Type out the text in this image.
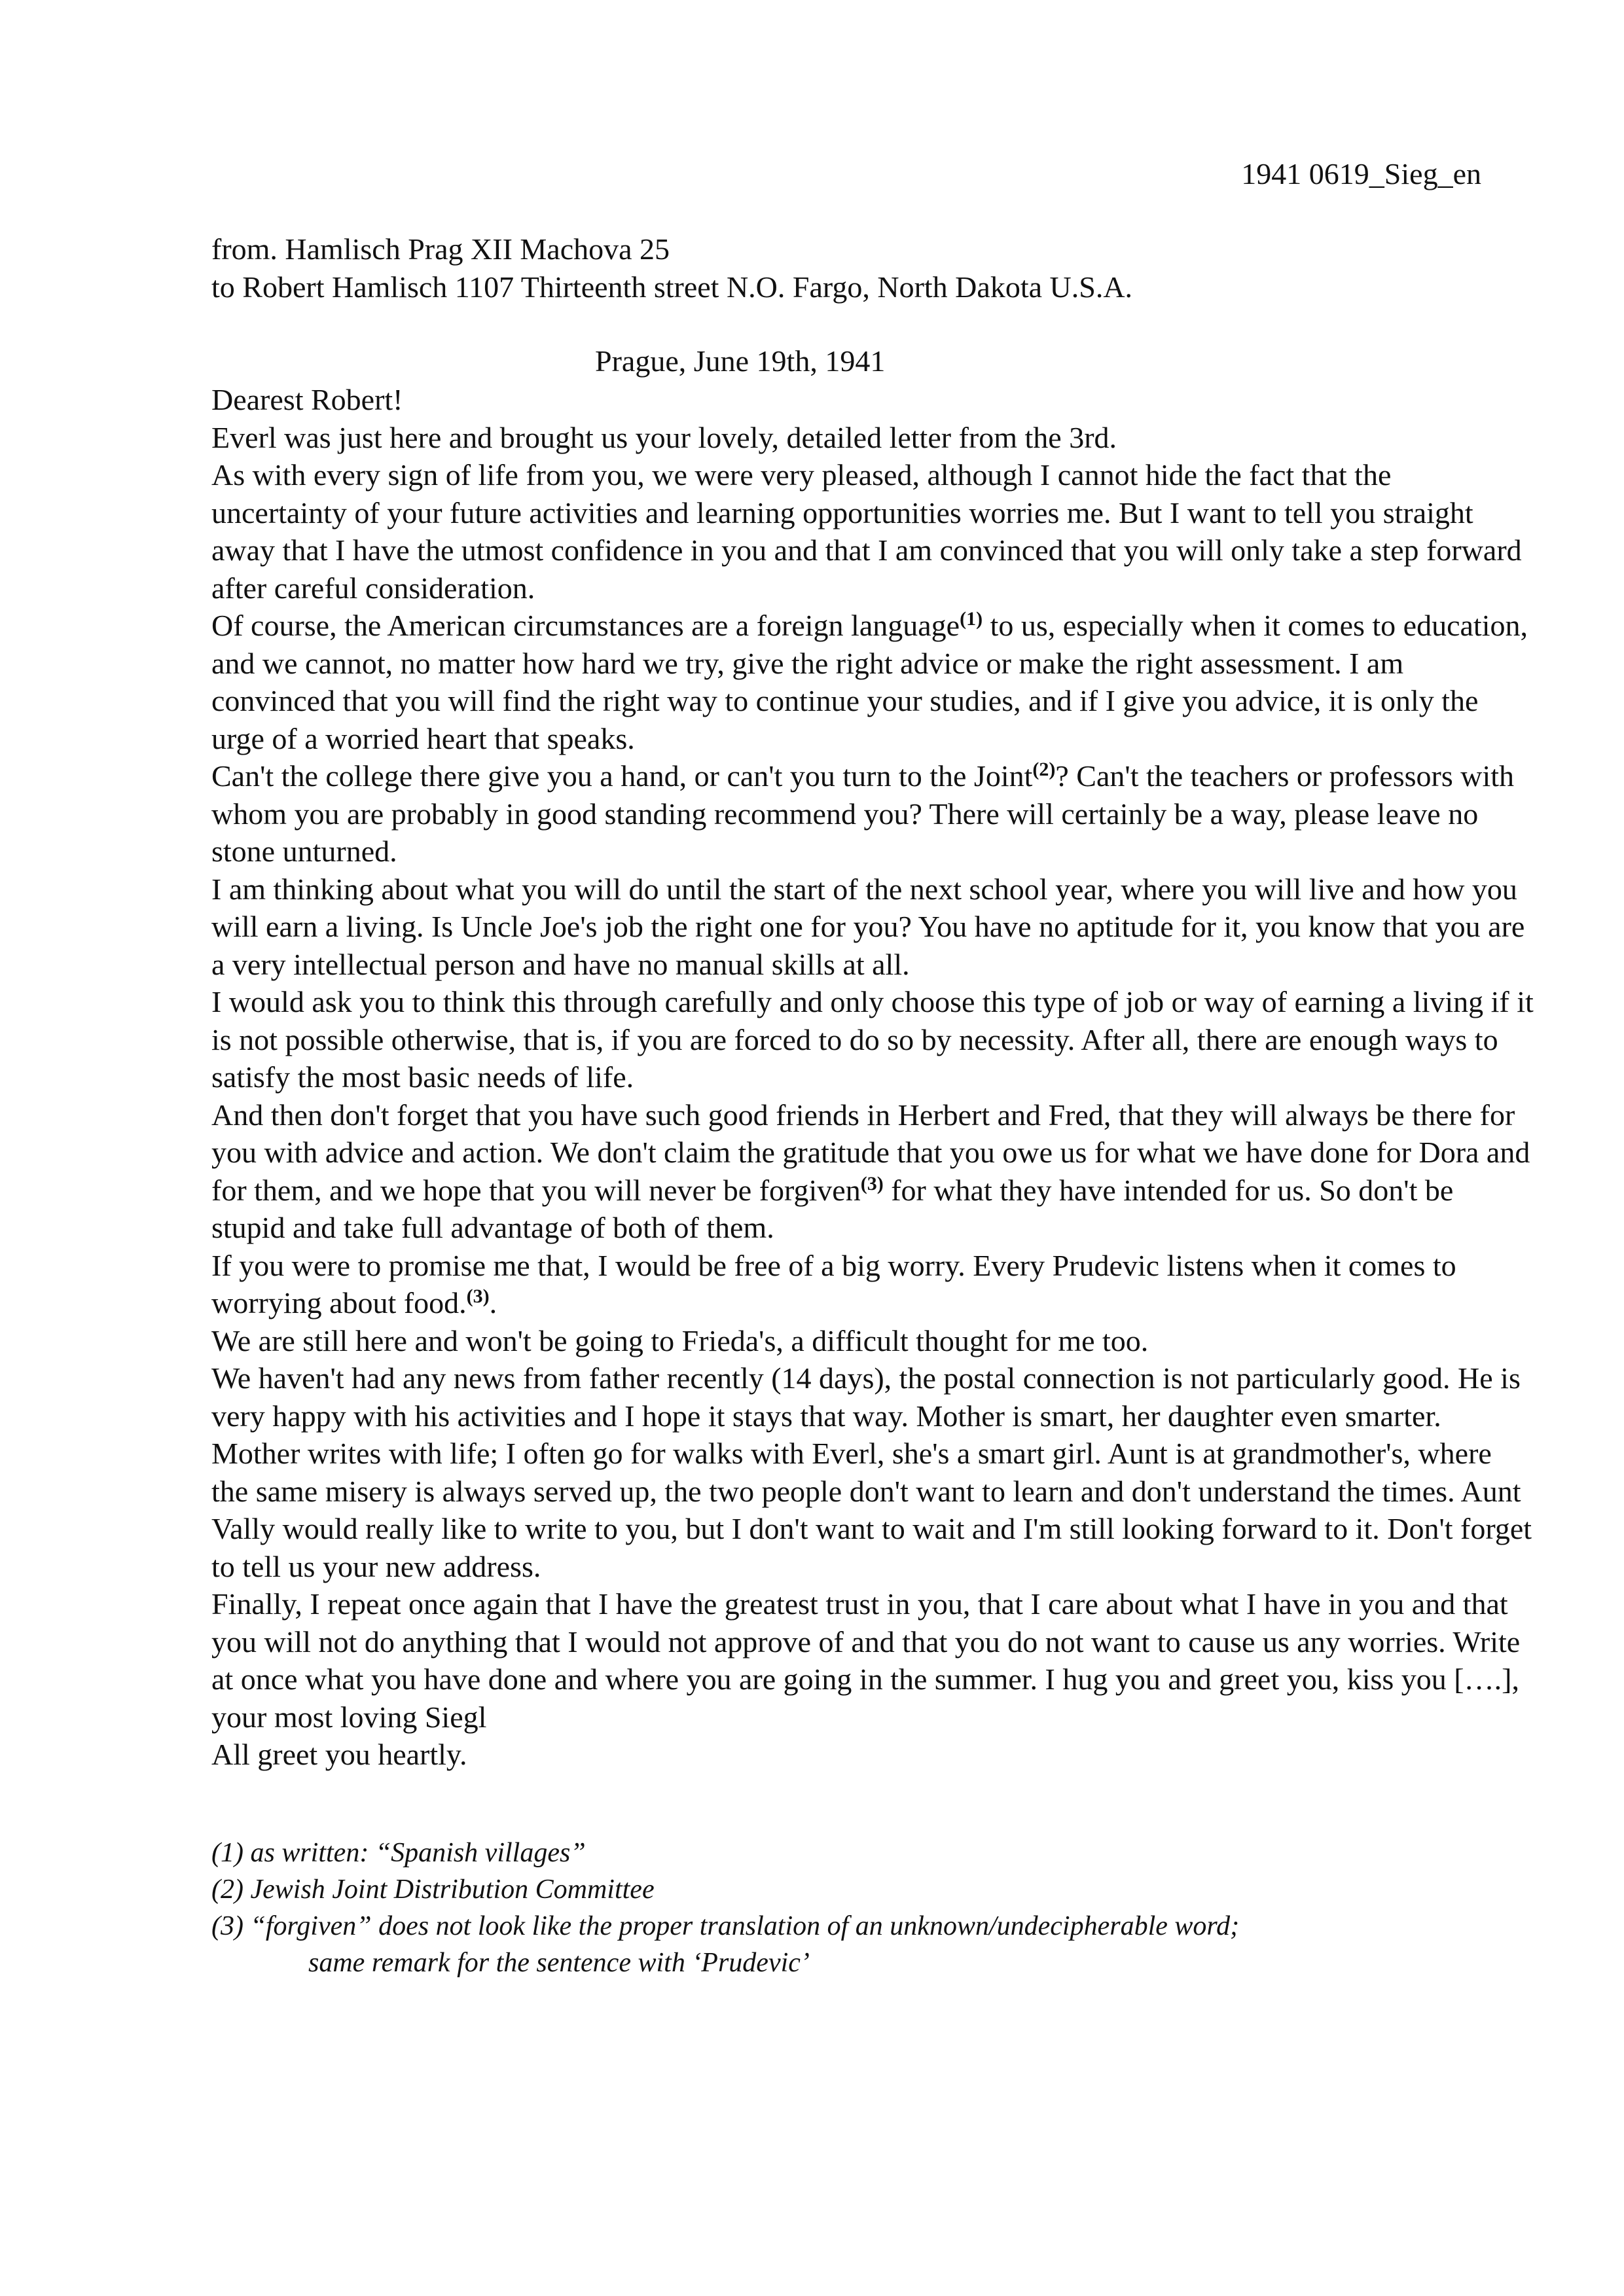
1941 0619_Sieg_en
from. Hamlisch Prag XII Machova 25
to Robert Hamlisch 1107 Thirteenth street N.O. Fargo, North Dakota U.S.A.
Prague, June 19th, 1941
Dearest Robert!
Everl was just here and brought us your lovely, detailed letter from the 3rd.
As with every sign of life from you, we were very pleased, although I cannot hide the fact that the uncertainty of your future activities and learning opportunities worries me. But I want to tell you straight away that I have the utmost confidence in you and that I am convinced that you will only take a step forward after careful consideration.
Of course, the American circumstances are a foreign language$^{(1)}$ to us, especially when it comes to education, and we cannot, no matter how hard we try, give the right advice or make the right assessment. I am convinced that you will find the right way to continue your studies, and if I give you advice, it is only the urge of a worried heart that speaks.
Can't the college there give you a hand, or can't you turn to the Joint$^{(2)}$? Can't the teachers or professors with whom you are probably in good standing recommend you? There will certainly be a way, please leave no stone unturned.
I am thinking about what you will do until the start of the next school year, where you will live and how you will earn a living. Is Uncle Joe's job the right one for you? You have no aptitude for it, you know that you are a very intellectual person and have no manual skills at all.
I would ask you to think this through carefully and only choose this type of job or way of earning a living if it is not possible otherwise, that is, if you are forced to do so by necessity. After all, there are enough ways to satisfy the most basic needs of life.
And then don't forget that you have such good friends in Herbert and Fred, that they will always be there for you with advice and action. We don't claim the gratitude that you owe us for what we have done for Dora and for them, and we hope that you will never be forgiven$^{(3)}$ for what they have intended for us. So don't be stupid and take full advantage of both of them.
If you were to promise me that, I would be free of a big worry. Every Prudevic listens when it comes to worrying about food.$^{(3)}$.
We are still here and won't be going to Frieda's, a difficult thought for me too.
We haven't had any news from father recently (14 days), the postal connection is not particularly good. He is very happy with his activities and I hope it stays that way. Mother is smart, her daughter even smarter. Mother writes with life; I often go for walks with Everl, she's a smart girl. Aunt is at grandmother's, where the same misery is always served up, the two people don't want to learn and don't understand the times. Aunt Vally would really like to write to you, but I don't want to wait and I'm still looking forward to it. Don't forget to tell us your new address.
Finally, I repeat once again that I have the greatest trust in you, that I care about what I have in you and that you will not do anything that I would not approve of and that you do not want to cause us any worries. Write at once what you have done and where you are going in the summer. I hug you and greet you, kiss you [….], your most loving Siegl
All greet you heartly.
(1) as written: “Spanish villages”
(2) Jewish Joint Distribution Committee
(3) “forgiven” does not look like the proper translation of an unknown/undecipherable word;
same remark for the sentence with ‘Prudevic’
